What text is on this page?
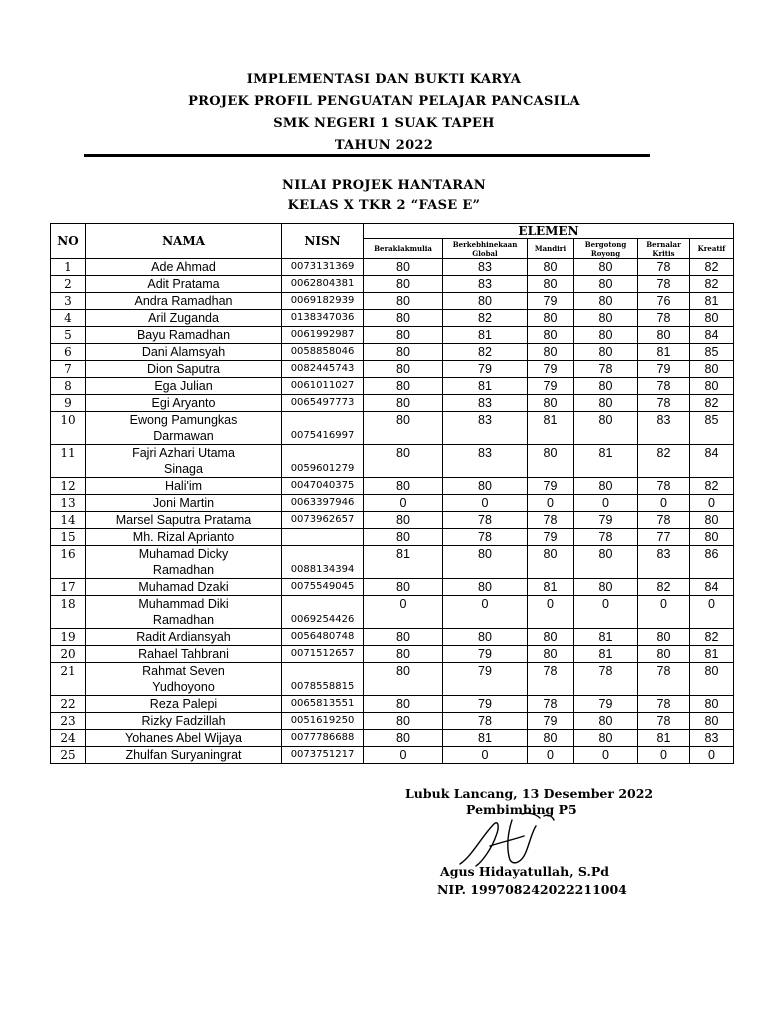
IMPLEMENTASI DAN BUKTI KARYA
PROJEK PROFIL PENGUATAN PELAJAR PANCASILA
SMK NEGERI 1 SUAK TAPEH
TAHUN 2022
NILAI PROJEK HANTARAN
KELAS X TKR 2 “FASE E”
NO	NAMA	NISN	ELEMEN					
			Beraklakmulia	Berkebhinekaan Global	Mandiri	Bergotong Royong	Bernalar Kritis	Kreatif
1	Ade Ahmad	0073131369	80	83	80	80	78	82
2	Adit Pratama	0062804381	80	83	80	80	78	82
3	Andra Ramadhan	0069182939	80	80	79	80	76	81
4	Aril Zuganda	0138347036	80	82	80	80	78	80
5	Bayu Ramadhan	0061992987	80	81	80	80	80	84
6	Dani Alamsyah	0058858046	80	82	80	80	81	85
7	Dion Saputra	0082445743	80	79	79	78	79	80
8	Ega Julian	0061011027	80	81	79	80	78	80
9	Egi Aryanto	0065497773	80	83	80	80	78	82
10	Ewong Pamungkas
Darmawan	0075416997	80	83	81	80	83	85
11	Fajri Azhari Utama
Sinaga	0059601279	80	83	80	81	82	84
12	Hali'im	0047040375	80	80	79	80	78	82
13	Joni Martin	0063397946	0	0	0	0	0	0
14	Marsel Saputra Pratama	0073962657	80	78	78	79	78	80
15	Mh. Rizal Aprianto		80	78	79	78	77	80
16	Muhamad Dicky
Ramadhan	0088134394	81	80	80	80	83	86
17	Muhamad Dzaki	0075549045	80	80	81	80	82	84
18	Muhammad Diki
Ramadhan	0069254426	0	0	0	0	0	0
19	Radit Ardiansyah	0056480748	80	80	80	81	80	82
20	Rahael Tahbrani	0071512657	80	79	80	81	80	81
21	Rahmat Seven
Yudhoyono	0078558815	80	79	78	78	78	80
22	Reza Palepi	0065813551	80	79	78	79	78	80
23	Rizky Fadzillah	0051619250	80	78	79	80	78	80
24	Yohanes Abel Wijaya	0077786688	80	81	80	80	81	83
25	Zhulfan Suryaningrat	0073751217	0	0	0	0	0	0
Lubuk Lancang, 13 Desember 2022
Pembimbing P5
Agus Hidayatullah, S.Pd
NIP. 199708242022211004
